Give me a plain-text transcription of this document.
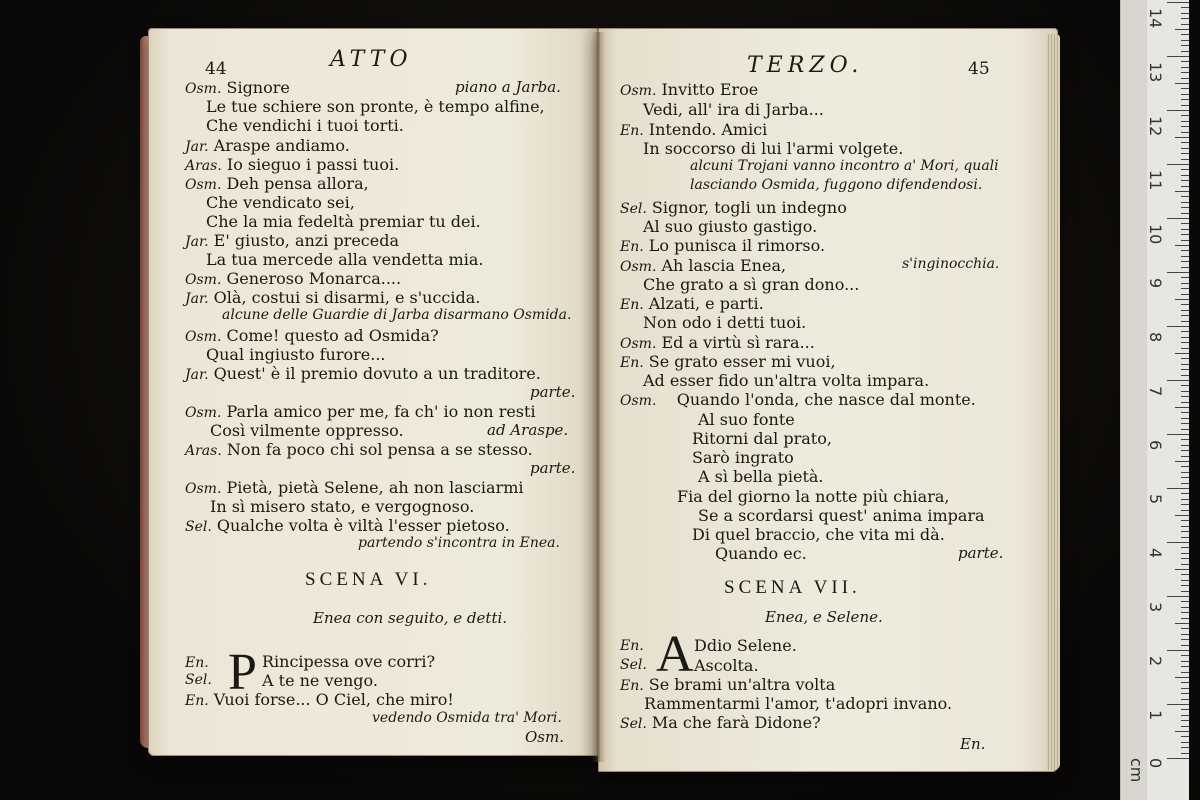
44	ATTO
Osm. Signore	piano a Jarba.
Le tue schiere son pronte, è tempo alfine,
Che vendichi i tuoi torti.
Jar. Araspe andiamo.
Aras. Io sieguo i passi tuoi.
Osm. Deh pensa allora,
Che vendicato sei,
Che la mia fedeltà premiar tu dei.
Jar. E' giusto, anzi preceda
La tua mercede alla vendetta mia.
Osm. Generoso Monarca....
Jar. Olà, costui si disarmi, e s'uccida.
alcune delle Guardie di Jarba disarmano Osmida.
Osm. Come! questo ad Osmida?
Qual ingiusto furore...
Jar. Quest' è il premio dovuto a un traditore.
parte.
Osm. Parla amico per me, fa ch' io non resti
Così vilmente oppresso.	ad Araspe.
Aras. Non fa poco chi sol pensa a se stesso.
parte.
Osm. Pietà, pietà Selene, ah non lasciarmi
In sì misero stato, e vergognoso.
Sel. Qualche volta è viltà l'esser pietoso.
partendo s'incontra in Enea.
SCENA VI.
Enea con seguito, e detti.
En. P Rincipessa ove corri?
Sel.	A te ne vengo.
En. Vuoi forse... O Ciel, che miro!
vedendo Osmida tra' Mori.
Osm.
TERZO.	45
Osm. Invitto Eroe
Vedi, all' ira di Jarba...
En. Intendo. Amici
In soccorso di lui l'armi volgete.
alcuni Trojani vanno incontro a' Mori, quali
lasciando Osmida, fuggono difendendosi.
Sel. Signor, togli un indegno
Al suo giusto gastigo.
En. Lo punisca il rimorso.
Osm. Ah lascia Enea,	s'inginocchia.
Che grato a sì gran dono...
En. Alzati, e parti.
Non odo i detti tuoi.
Osm. Ed a virtù sì rara...
En. Se grato esser mi vuoi,
Ad esser fido un'altra volta impara.
Osm. Quando l'onda, che nasce dal monte.
Al suo fonte
Ritorni dal prato,
Sarò ingrato
A sì bella pietà.
Fia del giorno la notte più chiara,
Se a scordarsi quest' anima impara
Di quel braccio, che vita mi dà.
Quando ec.	parte.
SCENA VII.
Enea, e Selene.
En. A Ddio Selene.
Sel.	Ascolta.
En. Se brami un'altra volta
Rammentarmi l'amor, t'adopri invano.
Sel. Ma che farà Didone?
En.
14
13
12
11
10
9
8
7
6
5
4
3
2
1
0 cm
